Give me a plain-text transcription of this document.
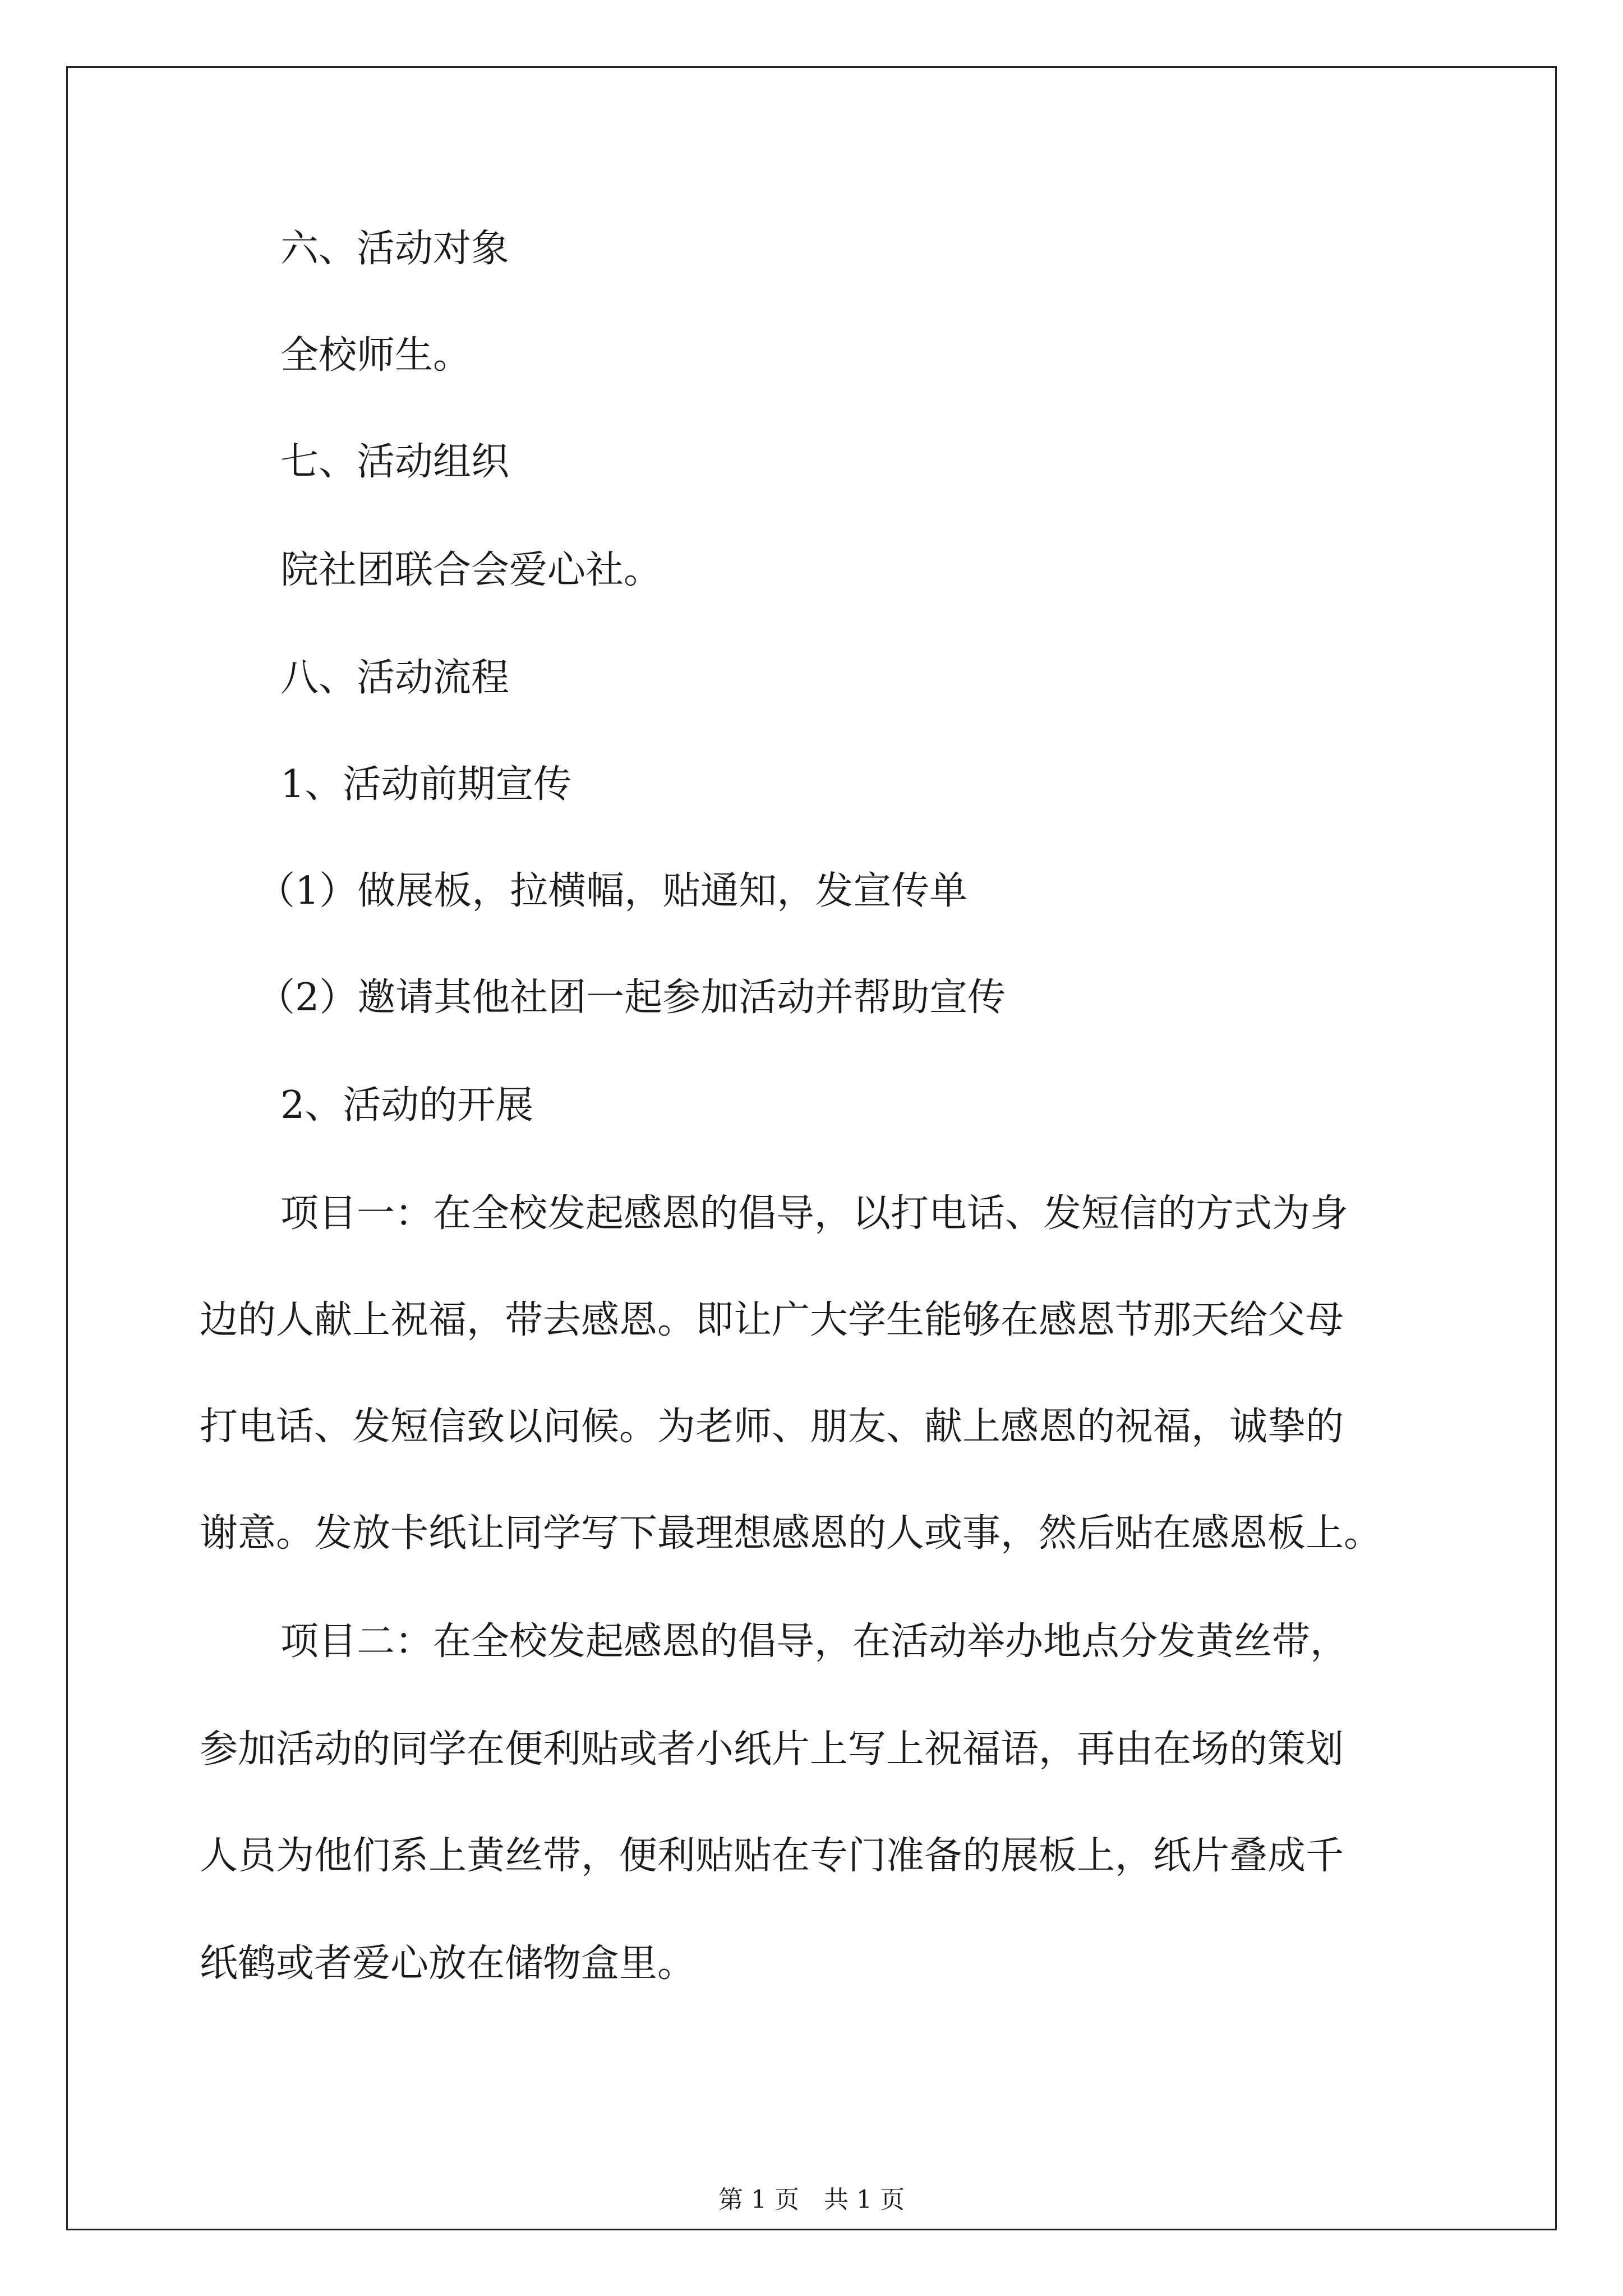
六、活动对象
全校师生。
七、活动组织
院社团联合会爱心社。
八、活动流程
1、活动前期宣传
（1）做展板，拉横幅，贴通知，发宣传单
（2）邀请其他社团一起参加活动并帮助宣传
2、活动的开展
项目一：在全校发起感恩的倡导，以打电话、发短信的方式为身
边的人献上祝福，带去感恩。即让广大学生能够在感恩节那天给父母
打电话、发短信致以问候。为老师、朋友、献上感恩的祝福，诚挚的
谢意。发放卡纸让同学写下最理想感恩的人或事，然后贴在感恩板上。
项目二：在全校发起感恩的倡导，在活动举办地点分发黄丝带，
参加活动的同学在便利贴或者小纸片上写上祝福语，再由在场的策划
人员为他们系上黄丝带，便利贴贴在专门准备的展板上，纸片叠成千
纸鹤或者爱心放在储物盒里。
第 1 页　共 1 页
